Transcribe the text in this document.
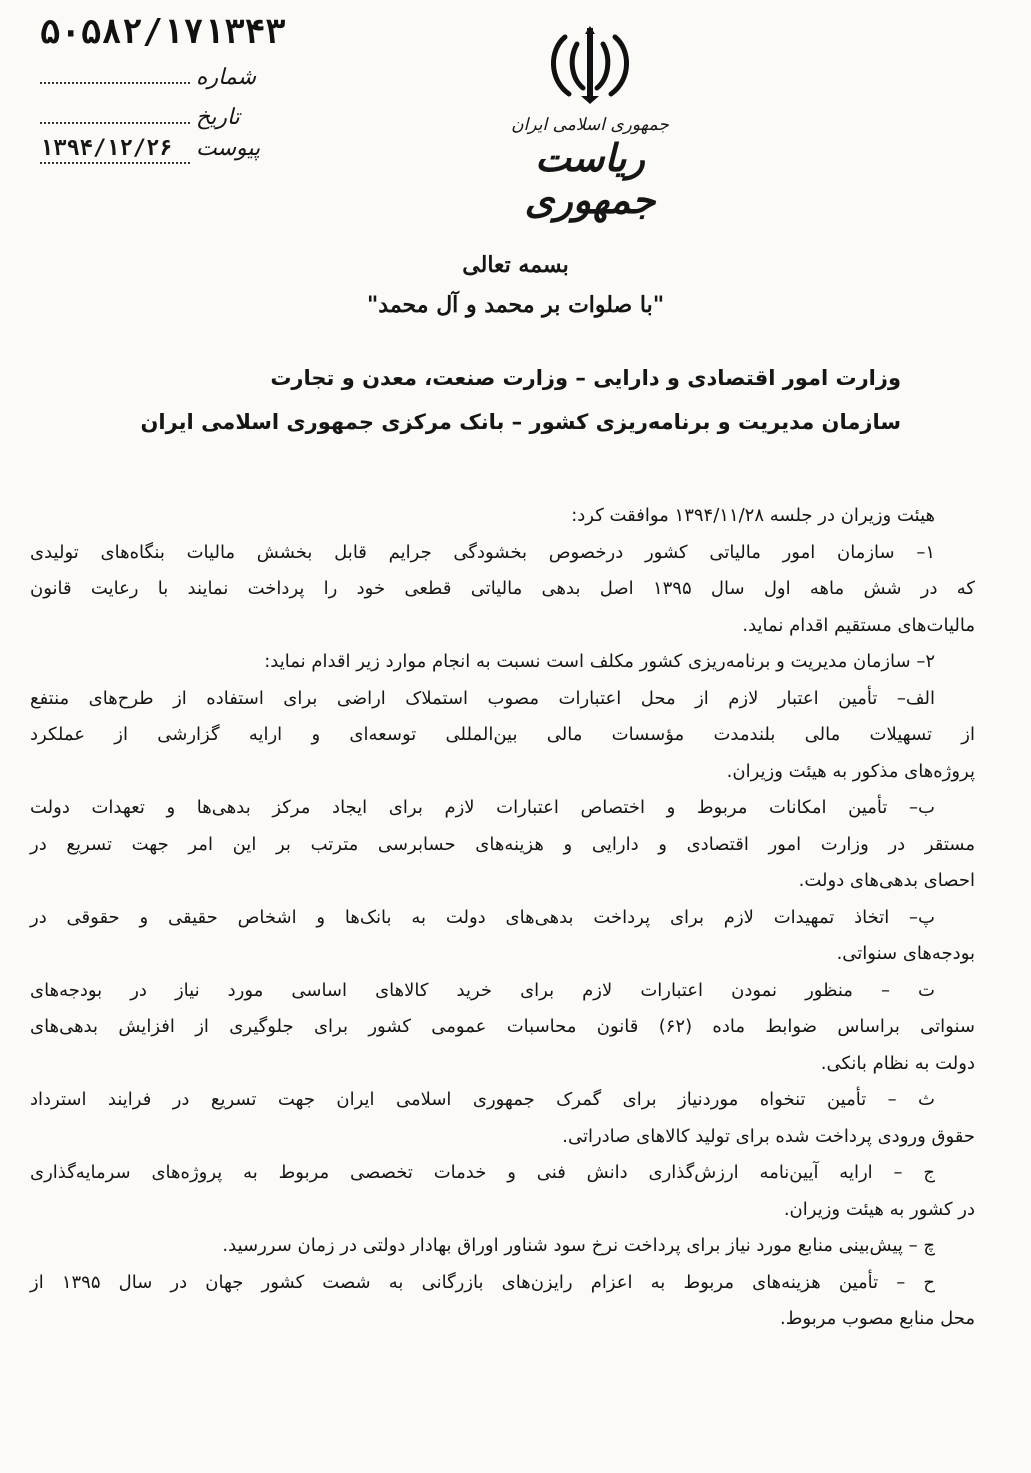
۵۰۵۸۲/۱۷۱۳۴۳
شماره
تاریخ
۱۳۹۴/۱۲/۲۶	پیوست
جمهوری اسلامی ایران
ریاست جمهوری
بسمه تعالی
"با صلوات بر محمد و آل محمد"
وزارت امور اقتصادی و دارایی – وزارت صنعت، معدن و تجارت
سازمان مدیریت و برنامه‌ریزی کشور – بانک مرکزی جمهوری اسلامی ایران
هیئت وزیران در جلسه ۱۳۹۴/۱۱/۲۸ موافقت کرد:
۱– سازمان امور مالیاتی کشور درخصوص بخشودگی جرایم قابل بخشش مالیات بنگاه‌های تولیدی
که در شش ماهه اول سال ۱۳۹۵ اصل بدهی مالیاتی قطعی خود را پرداخت نمایند با رعایت قانون
مالیات‌های مستقیم اقدام نماید.
۲– سازمان مدیریت و برنامه‌ریزی کشور مکلف است نسبت به انجام موارد زیر اقدام نماید:
الف– تأمین اعتبار لازم از محل اعتبارات مصوب استملاک اراضی برای استفاده از طرح‌های منتفع
از تسهیلات مالی بلندمدت مؤسسات مالی بین‌المللی توسعه‌ای و ارایه گزارشی از عملکرد
پروژه‌های مذکور به هیئت وزیران.
ب– تأمین امکانات مربوط و اختصاص اعتبارات لازم برای ایجاد مرکز بدهی‌ها و تعهدات دولت
مستقر در وزارت امور اقتصادی و دارایی و هزینه‌های حسابرسی مترتب بر این امر جهت تسریع در
احصای بدهی‌های دولت.
پ– اتخاذ تمهیدات لازم برای پرداخت بدهی‌های دولت به بانک‌ها و اشخاص حقیقی و حقوقی در
بودجه‌های سنواتی.
ت – منظور نمودن اعتبارات لازم برای خرید کالاهای اساسی مورد نیاز در بودجه‌های
سنواتی براساس ضوابط ماده (۶۲) قانون محاسبات عمومی کشور برای جلوگیری از افزایش بدهی‌های
دولت به نظام بانکی.
ث – تأمین تنخواه موردنیاز برای گمرک جمهوری اسلامی ایران جهت تسریع در فرایند استرداد
حقوق ورودی پرداخت شده برای تولید کالاهای صادراتی.
ج – ارایه آیین‌نامه ارزش‌گذاری دانش فنی و خدمات تخصصی مربوط به پروژه‌های سرمایه‌گذاری
در کشور به هیئت وزیران.
چ – پیش‌بینی منابع مورد نیاز برای پرداخت نرخ سود شناور اوراق بهادار دولتی در زمان سررسید.
ح – تأمین هزینه‌های مربوط به اعزام رایزن‌های بازرگانی به شصت کشور جهان در سال ۱۳۹۵ از
محل منابع مصوب مربوط.
